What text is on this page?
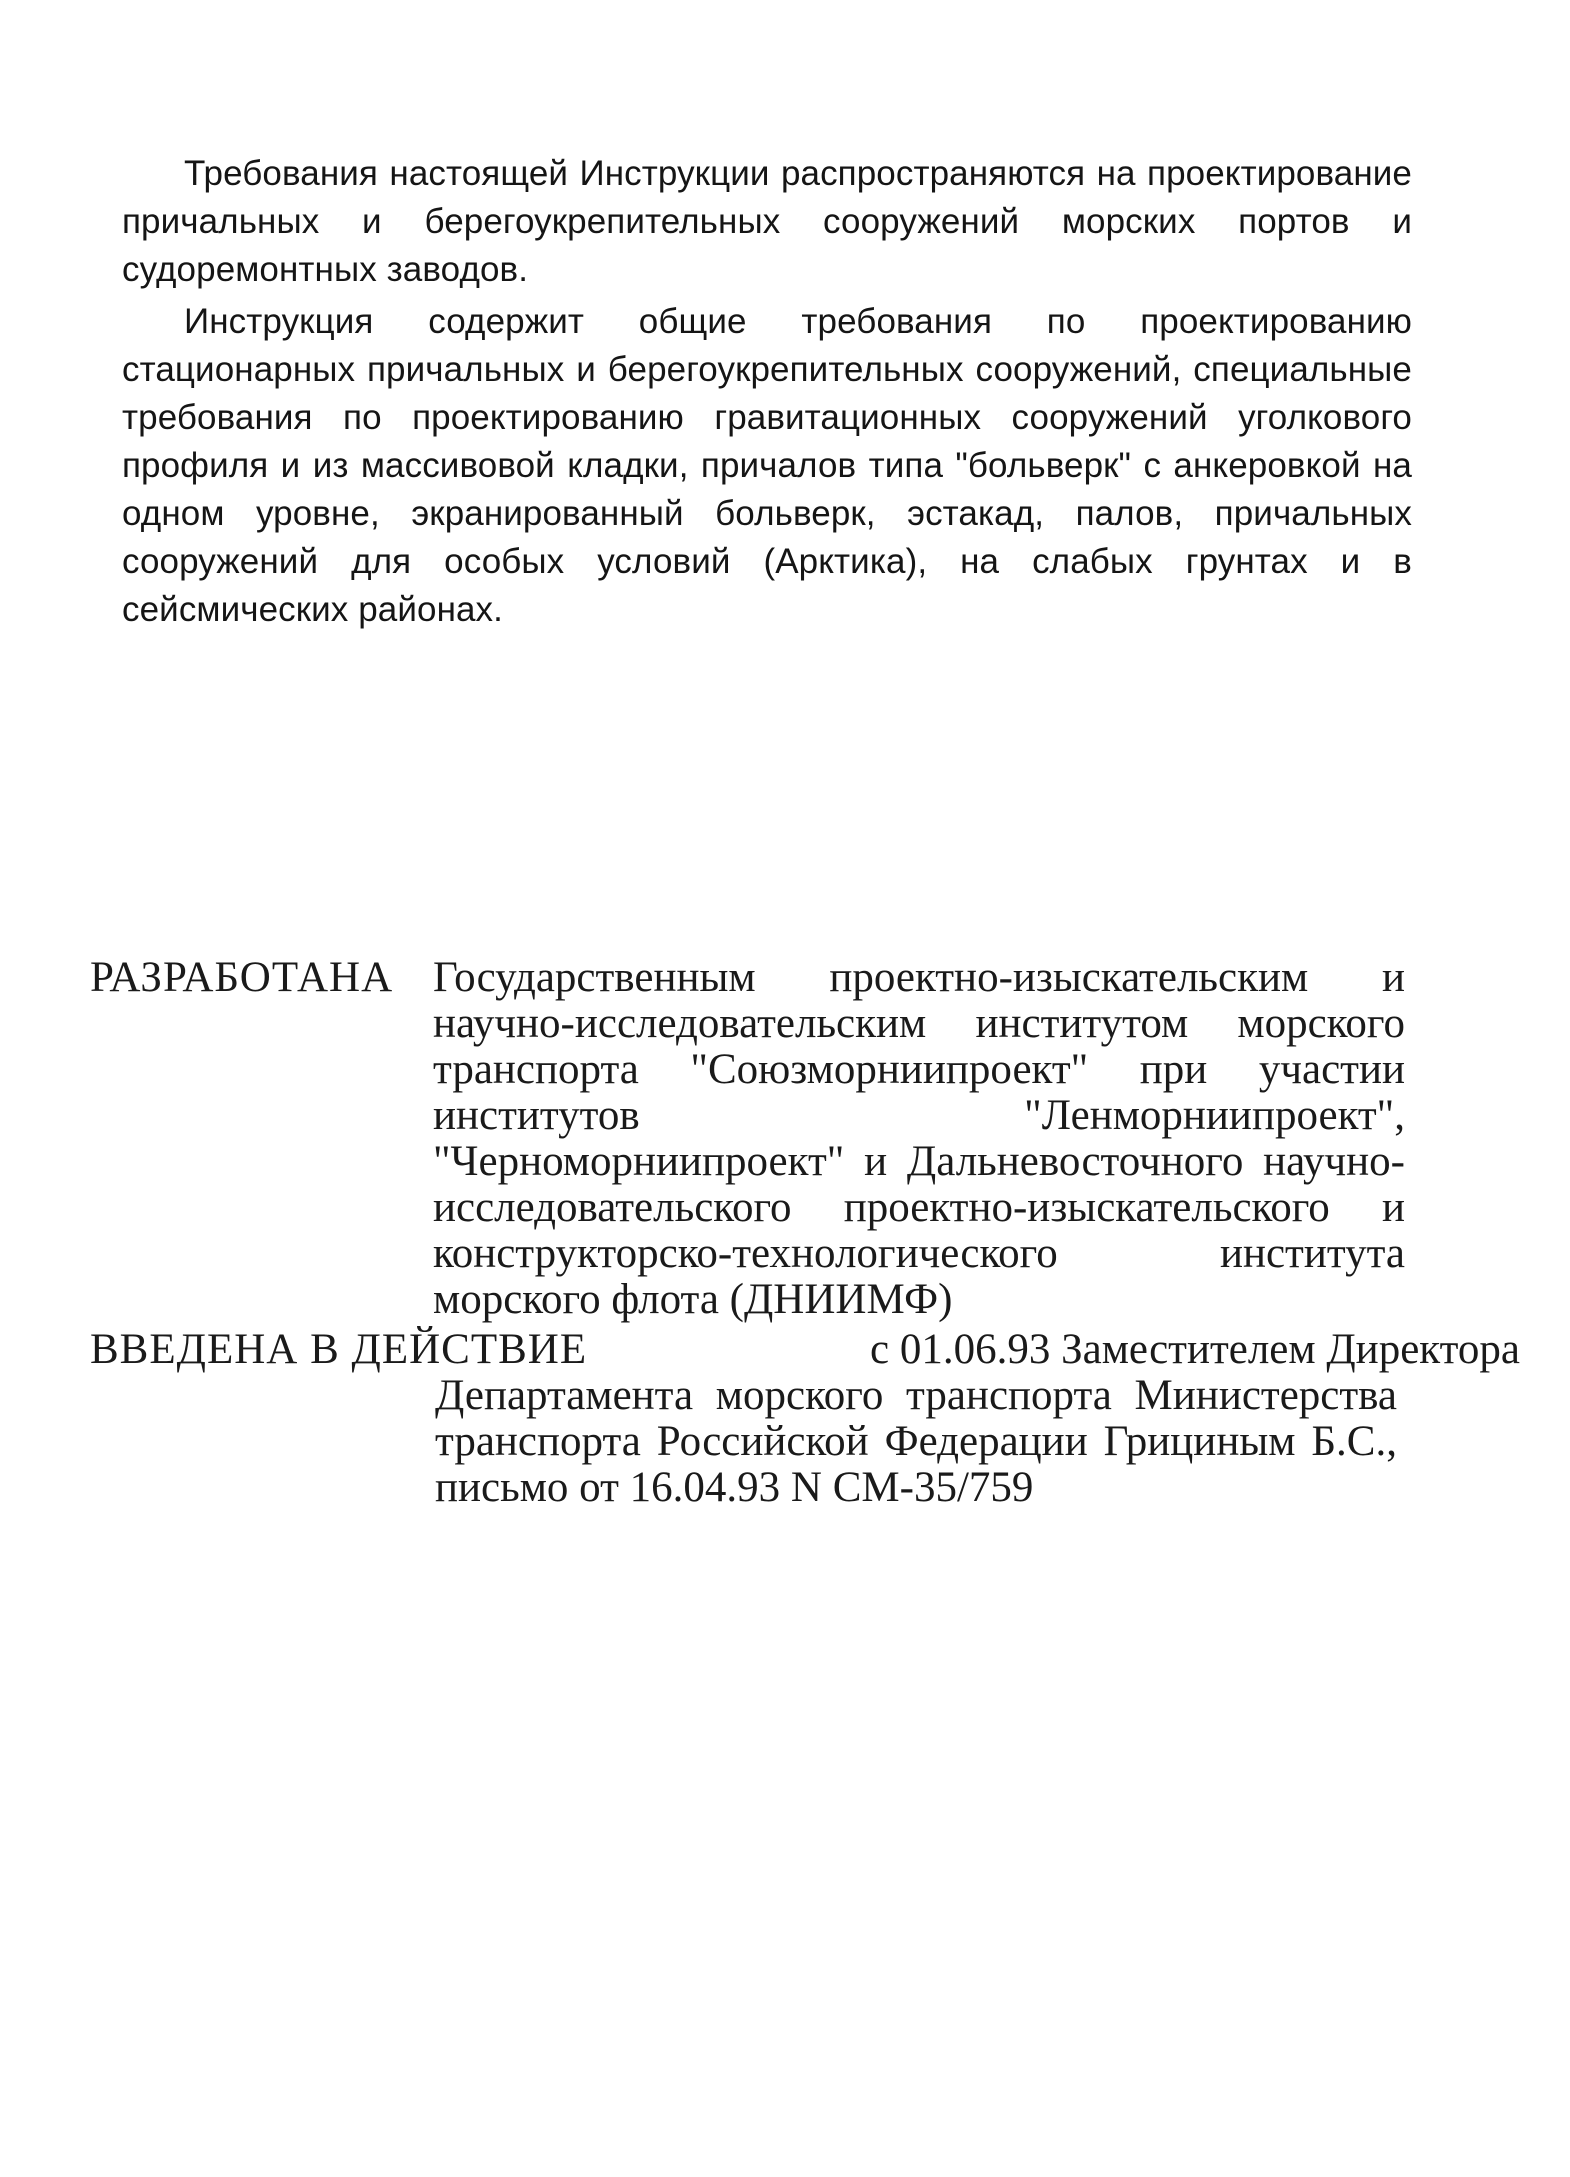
Требования настоящей Инструкции распространяются на проектирование причальных и берегоукрепительных сооружений морских портов и судоремонтных заводов.

Инструкция содержит общие требования по проектированию стационарных причальных и берегоукрепительных сооружений, специальные требования по проектированию гравитационных сооружений уголкового профиля и из массивовой кладки, причалов типа "больверк" с анкеровкой на одном уровне, экранированный больверк, эстакад, палов, причальных сооружений для особых условий (Арктика), на слабых грунтах и в сейсмических районах.

РАЗРАБОТАНА Государственным проектно-изыскательским и научно-исследовательским институтом морского транспорта "Союзморниипроект" при участии институтов "Ленморниипроект", "Черноморниипроект" и Дальневосточного научно-исследовательского проектно-изыскательского и конструкторско-технологического института морского флота (ДНИИМФ)
ВВЕДЕНА В ДЕЙСТВИЕ	с 01.06.93 Заместителем Директора
Департамента морского транспорта Министерства транспорта Российской Федерации Грициным Б.С., письмо от 16.04.93 N СМ-35/759
